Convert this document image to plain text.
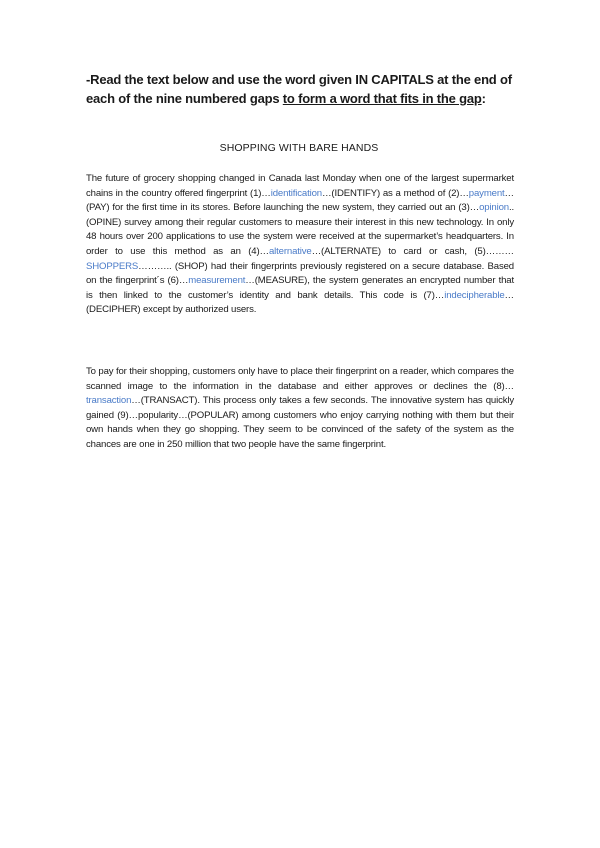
-Read the text below and use the word given IN CAPITALS at the end of each of the nine numbered gaps to form a word that fits in the gap:
SHOPPING WITH BARE HANDS
The future of grocery shopping changed in Canada last Monday when one of the largest supermarket chains in the country offered fingerprint (1)…identification…(IDENTIFY) as a method of (2)…payment…(PAY) for the first time in its stores. Before launching the new system, they carried out an (3)…opinion..(OPINE) survey among their regular customers to measure their interest in this new technology. In only 48 hours over 200 applications to use the system were received at the supermarket’s headquarters. In order to use this method as an (4)…alternative…(ALTERNATE) to card or cash, (5)………SHOPPERS……….. (SHOP) had their fingerprints previously registered on a secure database. Based on the fingerprint´s (6)…measurement…(MEASURE), the system generates an encrypted number that is then linked to the customer’s identity and bank details. This code is (7)…indecipherable…(DECIPHER) except by authorized users.
To pay for their shopping, customers only have to place their fingerprint on a reader, which compares the scanned image to the information in the database and either approves or declines the (8)…transaction…(TRANSACT). This process only takes a few seconds. The innovative system has quickly gained (9)…popularity…(POPULAR) among customers who enjoy carrying nothing with them but their own hands when they go shopping. They seem to be convinced of the safety of the system as the chances are one in 250 million that two people have the same fingerprint.
